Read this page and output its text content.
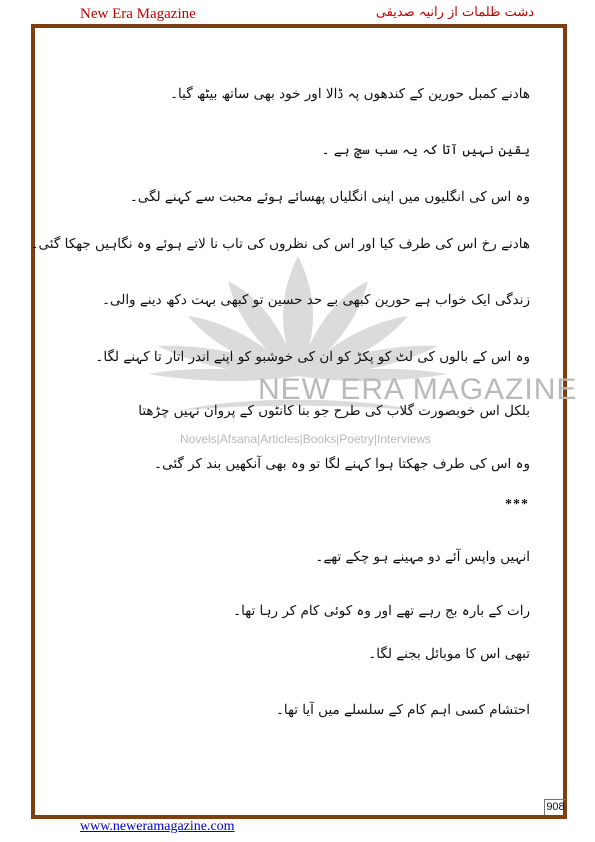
New Era Magazine	دشت ظلمات از رانیہ صدیقی
NEW ERA MAGAZINE
Novels|Afsana|Articles|Books|Poetry|Interviews
ھادنے کمبل حورین کے کندھوں پہ ڈالا اور خود بھی ساتھ بیٹھ گیا۔
یقین نہیں آتا کہ یہ سب سچ ہے ۔
وہ اس کی انگلیوں میں اپنی انگلیاں پھسائے ہوئے محبت سے کہنے لگی۔
ھادنے رخ اس کی طرف کیا اور اس کی نظروں کی تاب نا لاتے ہوئے وہ نگاہیں جھکا گئی۔
زندگی ایک خواب ہے حورین کبھی بے حد حسین تو کبھی بہت دکھ دینے والی۔
وہ اس کے بالوں کی لٹ کو پکڑ کو ان کی خوشبو کو اپنے اندر اتار تا کہنے لگا۔
بلکل اس خوبصورت گلاب کی طرح جو بنا کانٹوں کے پروان نہیں چڑھتا
وہ اس کی طرف جھکتا ہوا کہنے لگا تو وہ بھی آنکھیں بند کر گئی۔
***
انہیں واپس آئے دو مہینے ہو چکے تھے۔
رات کے بارہ بج رہے تھے اور وہ کوئی کام کر رہا تھا۔
تبھی اس کا موبائل بجنے لگا۔
احتشام کسی اہم کام کے سلسلے میں آیا تھا۔
908
www.neweramagazine.com
